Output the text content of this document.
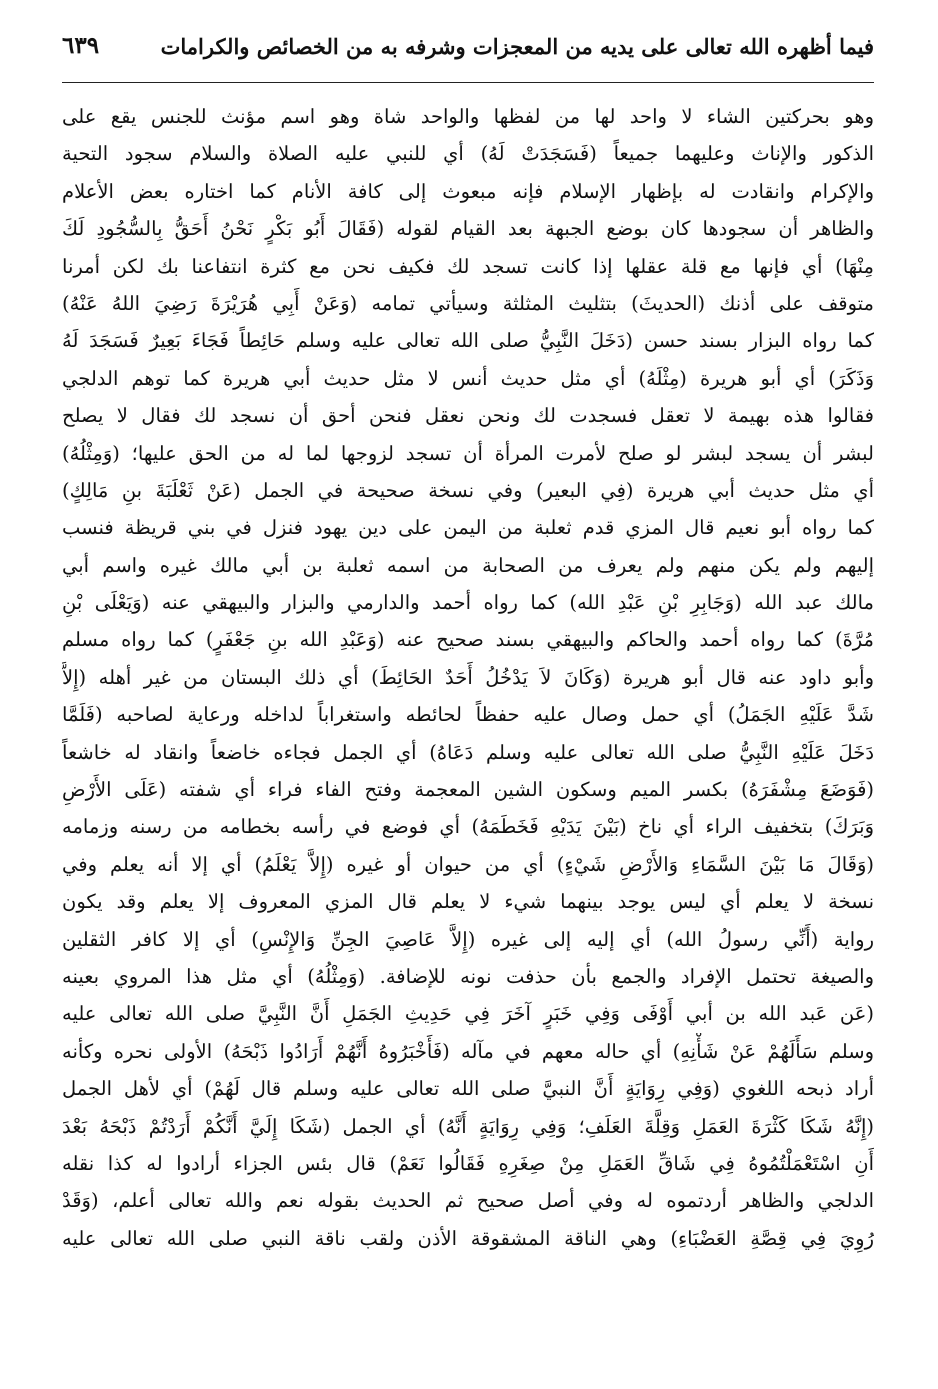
فيما أظهره الله تعالى على يديه من المعجزات وشرفه به من الخصائص والكرامات
٦٣٩
وهو بحركتين الشاء لا واحد لها من لفظها والواحد شاة وهو اسم مؤنث للجنس يقع على
الذكور والإناث وعليهما جميعاً (فَسَجَدَتْ لَهُ) أي للنبي عليه الصلاة والسلام سجود التحية
والإكرام وانقادت له بإظهار الإسلام فإنه مبعوث إلى كافة الأنام كما اختاره بعض الأعلام
والظاهر أن سجودها كان بوضع الجبهة بعد القيام لقوله (فَقَالَ أَبُو بَكْرٍ نَحْنُ أَحَقُّ بِالسُّجُودِ لَكَ
مِنْهَا) أي فإنها مع قلة عقلها إذا كانت تسجد لك فكيف نحن مع كثرة انتفاعنا بك لكن أمرنا
متوقف على أذنك (الحديثَ) بتثليث المثلثة وسيأتي تمامه (وَعَنْ أَبِي هُرَيْرَةَ رَضِيَ اللهُ عَنْهُ)
كما رواه البزار بسند حسن (دَخَلَ النَّبِيُّ صلى الله تعالى عليه وسلم حَائِطاً فَجَاءَ بَعِيرٌ فَسَجَدَ لَهُ
وَذَكَرَ) أي أبو هريرة (مِثْلَهُ) أي مثل حديث أنس لا مثل حديث أبي هريرة كما توهم الدلجي
فقالوا هذه بهيمة لا تعقل فسجدت لك ونحن نعقل فنحن أحق أن نسجد لك فقال لا يصلح
لبشر أن يسجد لبشر لو صلح لأمرت المرأة أن تسجد لزوجها لما له من الحق عليها؛ (وَمِثْلُهُ)
أي مثل حديث أبي هريرة (فِي البعير) وفي نسخة صحيحة في الجمل (عَنْ ثَعْلَبَةَ بنِ مَالِكٍ)
كما رواه أبو نعيم قال المزي قدم ثعلبة من اليمن على دين يهود فنزل في بني قريظة فنسب
إليهم ولم يكن منهم ولم يعرف من الصحابة من اسمه ثعلبة بن أبي مالك غيره واسم أبي
مالك عبد الله (وَجَابِرِ بْنِ عَبْدِ الله) كما رواه أحمد والدارمي والبزار والبيهقي عنه (وَيَعْلَى بْنِ
مُرَّةَ) كما رواه أحمد والحاكم والبيهقي بسند صحيح عنه (وَعَبْدِ الله بنِ جَعْفَرٍ) كما رواه مسلم
وأبو داود عنه قال أبو هريرة (وَكَانَ لاَ يَدْخُلُ أَحَدٌ الحَائِطَ) أي ذلك البستان من غير أهله (إِلاَّ
شَدَّ عَلَيْهِ الجَمَلُ) أي حمل وصال عليه حفظاً لحائطه واستغراباً لداخله ورعاية لصاحبه (فَلَمَّا
دَخَلَ عَلَيْهِ النَّبِيُّ صلى الله تعالى عليه وسلم دَعَاهُ) أي الجمل فجاءه خاضعاً وانقاد له خاشعاً
(فَوَضَعَ مِشْفَرَهُ) بكسر الميم وسكون الشين المعجمة وفتح الفاء فراء أي شفته (عَلَى الأَرْضِ
وَبَرَكَ) بتخفيف الراء أي ناخ (بَيْنَ يَدَيْهِ فَخَطَمَهُ) أي فوضع في رأسه بخطامه من رسنه وزمامه
(وَقَالَ مَا بَيْنَ السَّمَاءِ وَالأَرْضِ شَيْءٍ) أي من حيوان أو غيره (إِلاَّ يَعْلَمُ) أي إلا أنه يعلم وفي
نسخة لا يعلم أي ليس يوجد بينهما شيء لا يعلم قال المزي المعروف إلا يعلم وقد يكون
رواية (أَنِّي رسولُ الله) أي إليه إلى غيره (إِلاَّ عَاصِيَ الجِنِّ وَالإِنْسِ) أي إلا كافر الثقلين
والصيغة تحتمل الإفراد والجمع بأن حذفت نونه للإضافة. (وَمِثْلُهُ) أي مثل هذا المروي بعينه
(عَن عَبد الله بن أبي أَوْفَى وَفِي خَبَرٍ آخَرَ فِي حَدِيثِ الجَمَلِ أَنَّ النَّبِيَّ صلى الله تعالى عليه
وسلم سَأَلَهُمْ عَنْ شَأْنِهِ) أي حاله معهم في مآله (فَأَخْبَرُوهُ أَنَّهُمْ أَرَادُوا ذَبْحَهُ) الأولى نحره وكأنه
أراد ذبحه اللغوي (وَفِي رِوَايَةٍ أَنَّ النبيَّ صلى الله تعالى عليه وسلم قال لَهُمْ) أي لأهل الجمل
(إِنَّهُ شَكَا كَثْرَةَ العَمَلِ وَقِلَّةَ العَلَفِ؛ وَفِي رِوَايَةٍ أَنَّهُ) أي الجمل (شَكَا إِلَيَّ أَنَّكُمْ أَرَدْتُمْ ذَبْحَهُ بَعْدَ
أَنِ اسْتَعْمَلْتُمُوهُ فِي شَاقِّ العَمَلِ مِنْ صِغَرِهِ فَقَالُوا نَعَمْ) قال بئس الجزاء أرادوا له كذا نقله
الدلجي والظاهر أردتموه له وفي أصل صحيح ثم الحديث بقوله نعم والله تعالى أعلم، (وَقَدْ
رُوِيَ فِي قِصَّةِ العَضْبَاءِ) وهي الناقة المشقوقة الأذن ولقب ناقة النبي صلى الله تعالى عليه
